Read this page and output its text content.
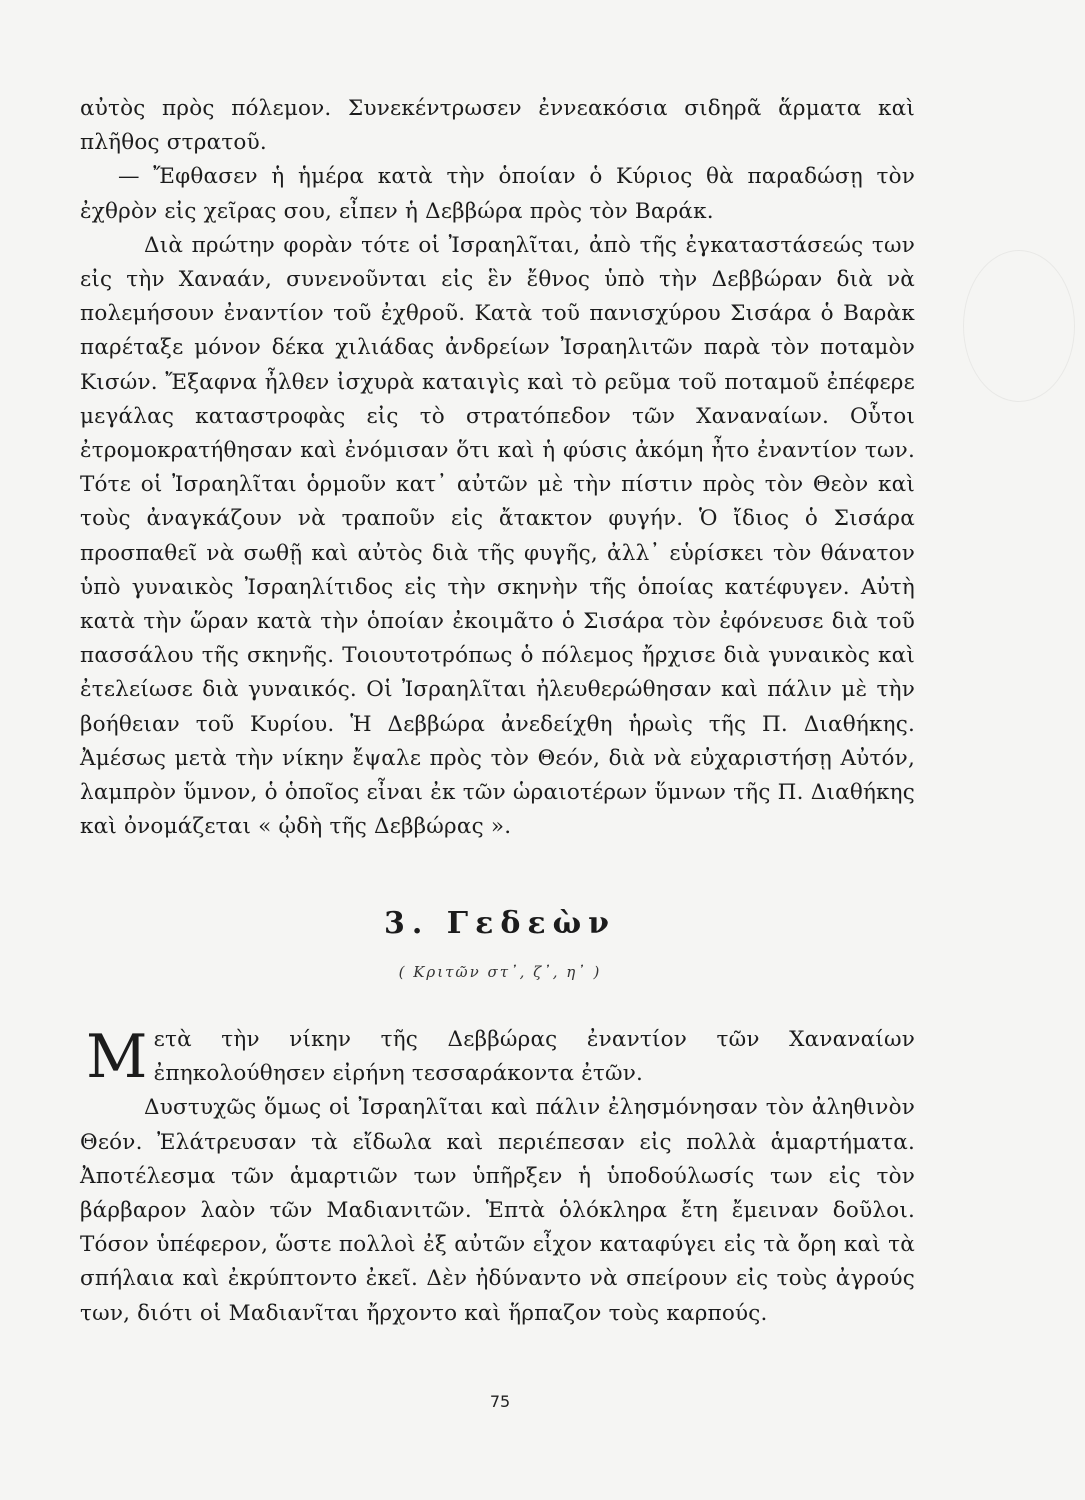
αὐτὸς πρὸς πόλεμον. Συνεκέντρωσεν ἐννεακόσια σιδηρᾶ ἅρματα καὶ πλῆθος στρατοῦ.

— Ἔφθασεν ἡ ἡμέρα κατὰ τὴν ὁποίαν ὁ Κύριος θὰ παραδώσῃ τὸν ἐχθρὸν εἰς χεῖρας σου, εἶπεν ἡ Δεββώρα πρὸς τὸν Βαράκ.

Διὰ πρώτην φορὰν τότε οἱ Ἰσραηλῖται, ἀπὸ τῆς ἐγκαταστάσεώς των εἰς τὴν Χαναάν, συνενοῦνται εἰς ἓν ἔθνος ὑπὸ τὴν Δεββώραν διὰ νὰ πολεμήσουν ἐναντίον τοῦ ἐχθροῦ. Κατὰ τοῦ πανισχύρου Σισάρα ὁ Βαρὰκ παρέταξε μόνον δέκα χιλιάδας ἀνδρείων Ἰσραηλιτῶν παρὰ τὸν ποταμὸν Κισών. Ἔξαφνα ἦλθεν ἰσχυρὰ καταιγὶς καὶ τὸ ρεῦμα τοῦ ποταμοῦ ἐπέφερε μεγάλας καταστροφὰς εἰς τὸ στρατόπεδον τῶν Χαναναίων. Οὗτοι ἐτρομοκρατήθησαν καὶ ἐνόμισαν ὅτι καὶ ἡ φύσις ἀκόμη ἦτο ἐναντίον των. Τότε οἱ Ἰσραηλῖται ὁρμοῦν κατ᾽ αὐτῶν μὲ τὴν πίστιν πρὸς τὸν Θεὸν καὶ τοὺς ἀναγκάζουν νὰ τραποῦν εἰς ἄτακτον φυγήν. Ὁ ἴδιος ὁ Σισάρα προσπαθεῖ νὰ σωθῇ καὶ αὐτὸς διὰ τῆς φυγῆς, ἀλλ᾽ εὑρίσκει τὸν θάνατον ὑπὸ γυναικὸς Ἰσραηλίτιδος εἰς τὴν σκηνὴν τῆς ὁποίας κατέφυγεν. Αὐτὴ κατὰ τὴν ὥραν κατὰ τὴν ὁποίαν ἐκοιμᾶτο ὁ Σισάρα τὸν ἐφόνευσε διὰ τοῦ πασσάλου τῆς σκηνῆς. Τοιουτοτρόπως ὁ πόλεμος ἤρχισε διὰ γυναικὸς καὶ ἐτελείωσε διὰ γυναικός. Οἱ Ἰσραηλῖται ἠλευθερώθησαν καὶ πάλιν μὲ τὴν βοήθειαν τοῦ Κυρίου. Ἡ Δεββώρα ἀνεδείχθη ἡρωὶς τῆς Π. Διαθήκης. Ἀμέσως μετὰ τὴν νίκην ἔψαλε πρὸς τὸν Θεόν, διὰ νὰ εὐχαριστήσῃ Αὐτόν, λαμπρὸν ὕμνον, ὁ ὁποῖος εἶναι ἐκ τῶν ὡραιοτέρων ὕμνων τῆς Π. Διαθήκης καὶ ὀνομάζεται « ᾠδὴ τῆς Δεββώρας ».

3. Γεδεὼν
( Κριτῶν στ᾽, ζ᾽, η᾽ )

Μετὰ τὴν νίκην τῆς Δεββώρας ἐναντίον τῶν Χαναναίων ἐπηκολούθησεν εἰρήνη τεσσαράκοντα ἐτῶν.

Δυστυχῶς ὅμως οἱ Ἰσραηλῖται καὶ πάλιν ἐλησμόνησαν τὸν ἀληθινὸν Θεόν. Ἐλάτρευσαν τὰ εἴδωλα καὶ περιέπεσαν εἰς πολλὰ ἁμαρτήματα. Ἀποτέλεσμα τῶν ἁμαρτιῶν των ὑπῆρξεν ἡ ὑποδούλωσίς των εἰς τὸν βάρβαρον λαὸν τῶν Μαδιανιτῶν. Ἑπτὰ ὁλόκληρα ἔτη ἔμειναν δοῦλοι. Τόσον ὑπέφερον, ὥστε πολλοὶ ἐξ αὐτῶν εἶχον καταφύγει εἰς τὰ ὄρη καὶ τὰ σπήλαια καὶ ἐκρύπτοντο ἐκεῖ. Δὲν ἠδύναντο νὰ σπείρουν εἰς τοὺς ἀγρούς των, διότι οἱ Μαδιανῖται ἤρχοντο καὶ ἥρπαζον τοὺς καρπούς.

75
